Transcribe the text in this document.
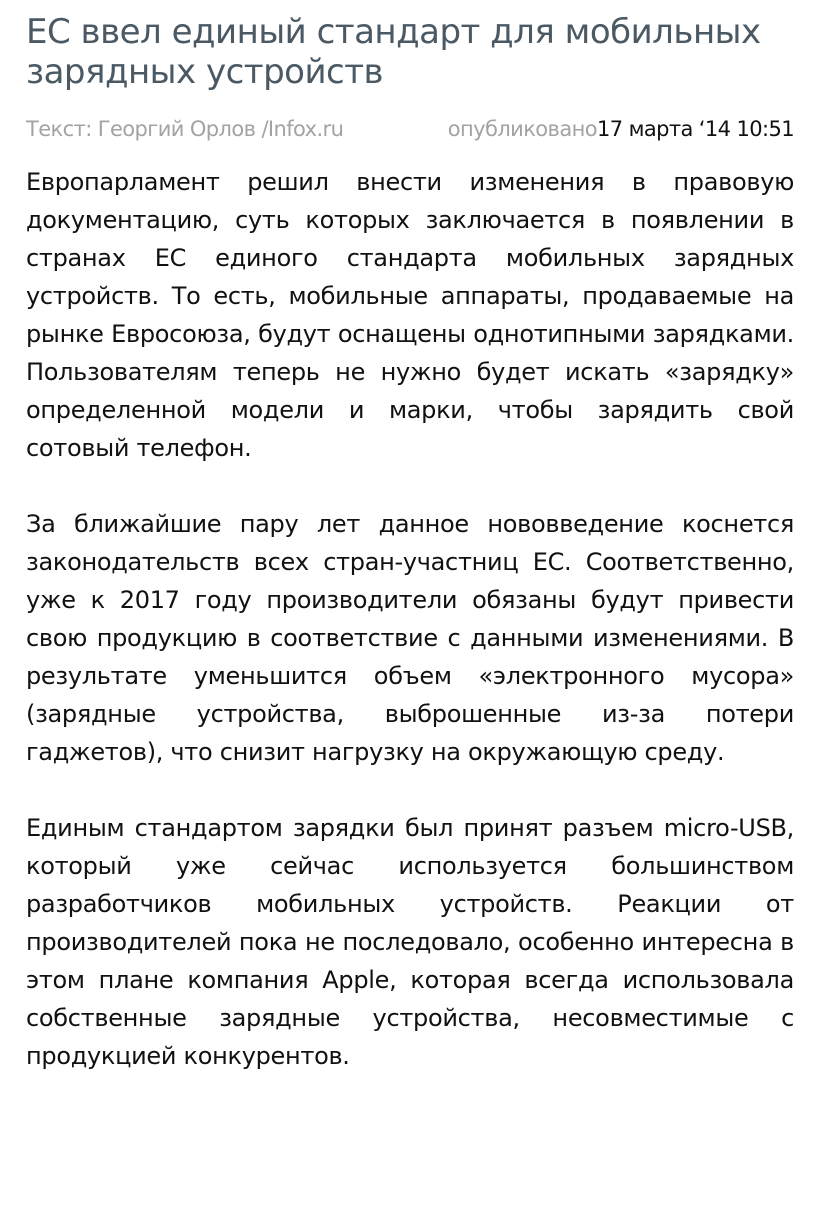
ЕС ввел единый стандарт для мобильных зарядных устройств
Текст: Георгий Орлов /Infox.ru	опубликовано17 марта ‘14 10:51

Европарламент решил внести изменения в правовую документацию, суть которых заключается в появлении в странах ЕС единого стандарта мобильных зарядных устройств. То есть, мобильные аппараты, продаваемые на рынке Евросоюза, будут оснащены однотипными зарядками. Пользователям теперь не нужно будет искать «зарядку» определенной модели и марки, чтобы зарядить свой сотовый телефон.

За ближайшие пару лет данное нововведение коснется законодательств всех стран-участниц ЕС. Соответственно, уже к 2017 году производители обязаны будут привести свою продукцию в соответствие с данными изменениями. В результате уменьшится объем «электронного мусора» (зарядные устройства, выброшенные из-за потери гаджетов), что снизит нагрузку на окружающую среду.

Единым стандартом зарядки был принят разъем micro-USB, который уже сейчас используется большинством разработчиков мобильных устройств. Реакции от производителей пока не последовало, особенно интересна в этом плане компания Apple, которая всегда использовала собственные зарядные устройства, несовместимые с продукцией конкурентов.
